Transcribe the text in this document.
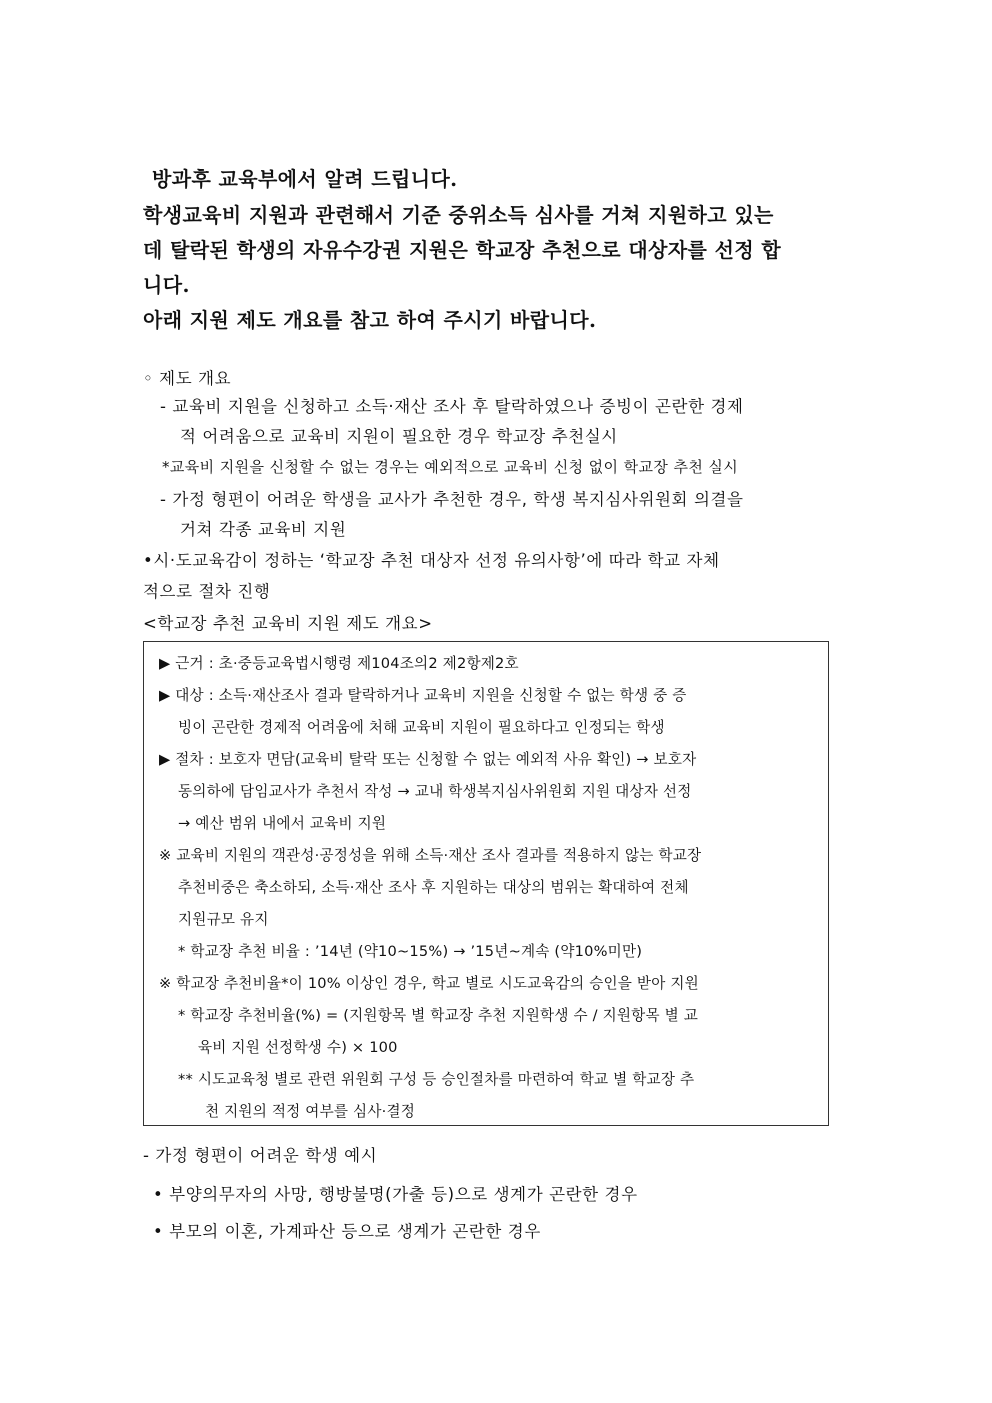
방과후 교육부에서 알려 드립니다.
학생교육비 지원과 관련해서 기준 중위소득 심사를 거쳐 지원하고 있는
데 탈락된 학생의 자유수강권 지원은 학교장 추천으로 대상자를 선정 합
니다.
아래 지원 제도 개요를 참고 하여 주시기 바랍니다.
◦ 제도 개요
- 교육비 지원을 신청하고 소득·재산 조사 후 탈락하였으나 증빙이 곤란한 경제
적 어려움으로 교육비 지원이 필요한 경우 학교장 추천실시
*교육비 지원을 신청할 수 없는 경우는 예외적으로 교육비 신청 없이 학교장 추천 실시
- 가정 형편이 어려운 학생을 교사가 추천한 경우, 학생 복지심사위원회 의결을
거쳐 각종 교육비 지원
•시·도교육감이 정하는 ‘학교장 추천 대상자 선정 유의사항’에 따라 학교 자체
적으로 절차 진행
<학교장 추천 교육비 지원 제도 개요>
▶ 근거 : 초·중등교육법시행령 제104조의2 제2항제2호
▶ 대상 : 소득·재산조사 결과 탈락하거나 교육비 지원을 신청할 수 없는 학생 중 증
빙이 곤란한 경제적 어려움에 처해 교육비 지원이 필요하다고 인정되는 학생
▶ 절차 : 보호자 면담(교육비 탈락 또는 신청할 수 없는 예외적 사유 확인) → 보호자
동의하에 담임교사가 추천서 작성 → 교내 학생복지심사위원회 지원 대상자 선정
→ 예산 범위 내에서 교육비 지원
※ 교육비 지원의 객관성·공정성을 위해 소득·재산 조사 결과를 적용하지 않는 학교장
추천비중은 축소하되, 소득·재산 조사 후 지원하는 대상의 범위는 확대하여 전체
지원규모 유지
* 학교장 추천 비율 : ’14년 (약10~15%) → ’15년~계속 (약10%미만)
※ 학교장 추천비율*이 10% 이상인 경우, 학교 별로 시도교육감의 승인을 받아 지원
* 학교장 추천비율(%) = (지원항목 별 학교장 추천 지원학생 수 / 지원항목 별 교
육비 지원 선정학생 수) × 100
** 시도교육청 별로 관련 위원회 구성 등 승인절차를 마련하여 학교 별 학교장 추
천 지원의 적정 여부를 심사·결정
- 가정 형편이 어려운 학생 예시
• 부양의무자의 사망, 행방불명(가출 등)으로 생계가 곤란한 경우
• 부모의 이혼, 가계파산 등으로 생계가 곤란한 경우
